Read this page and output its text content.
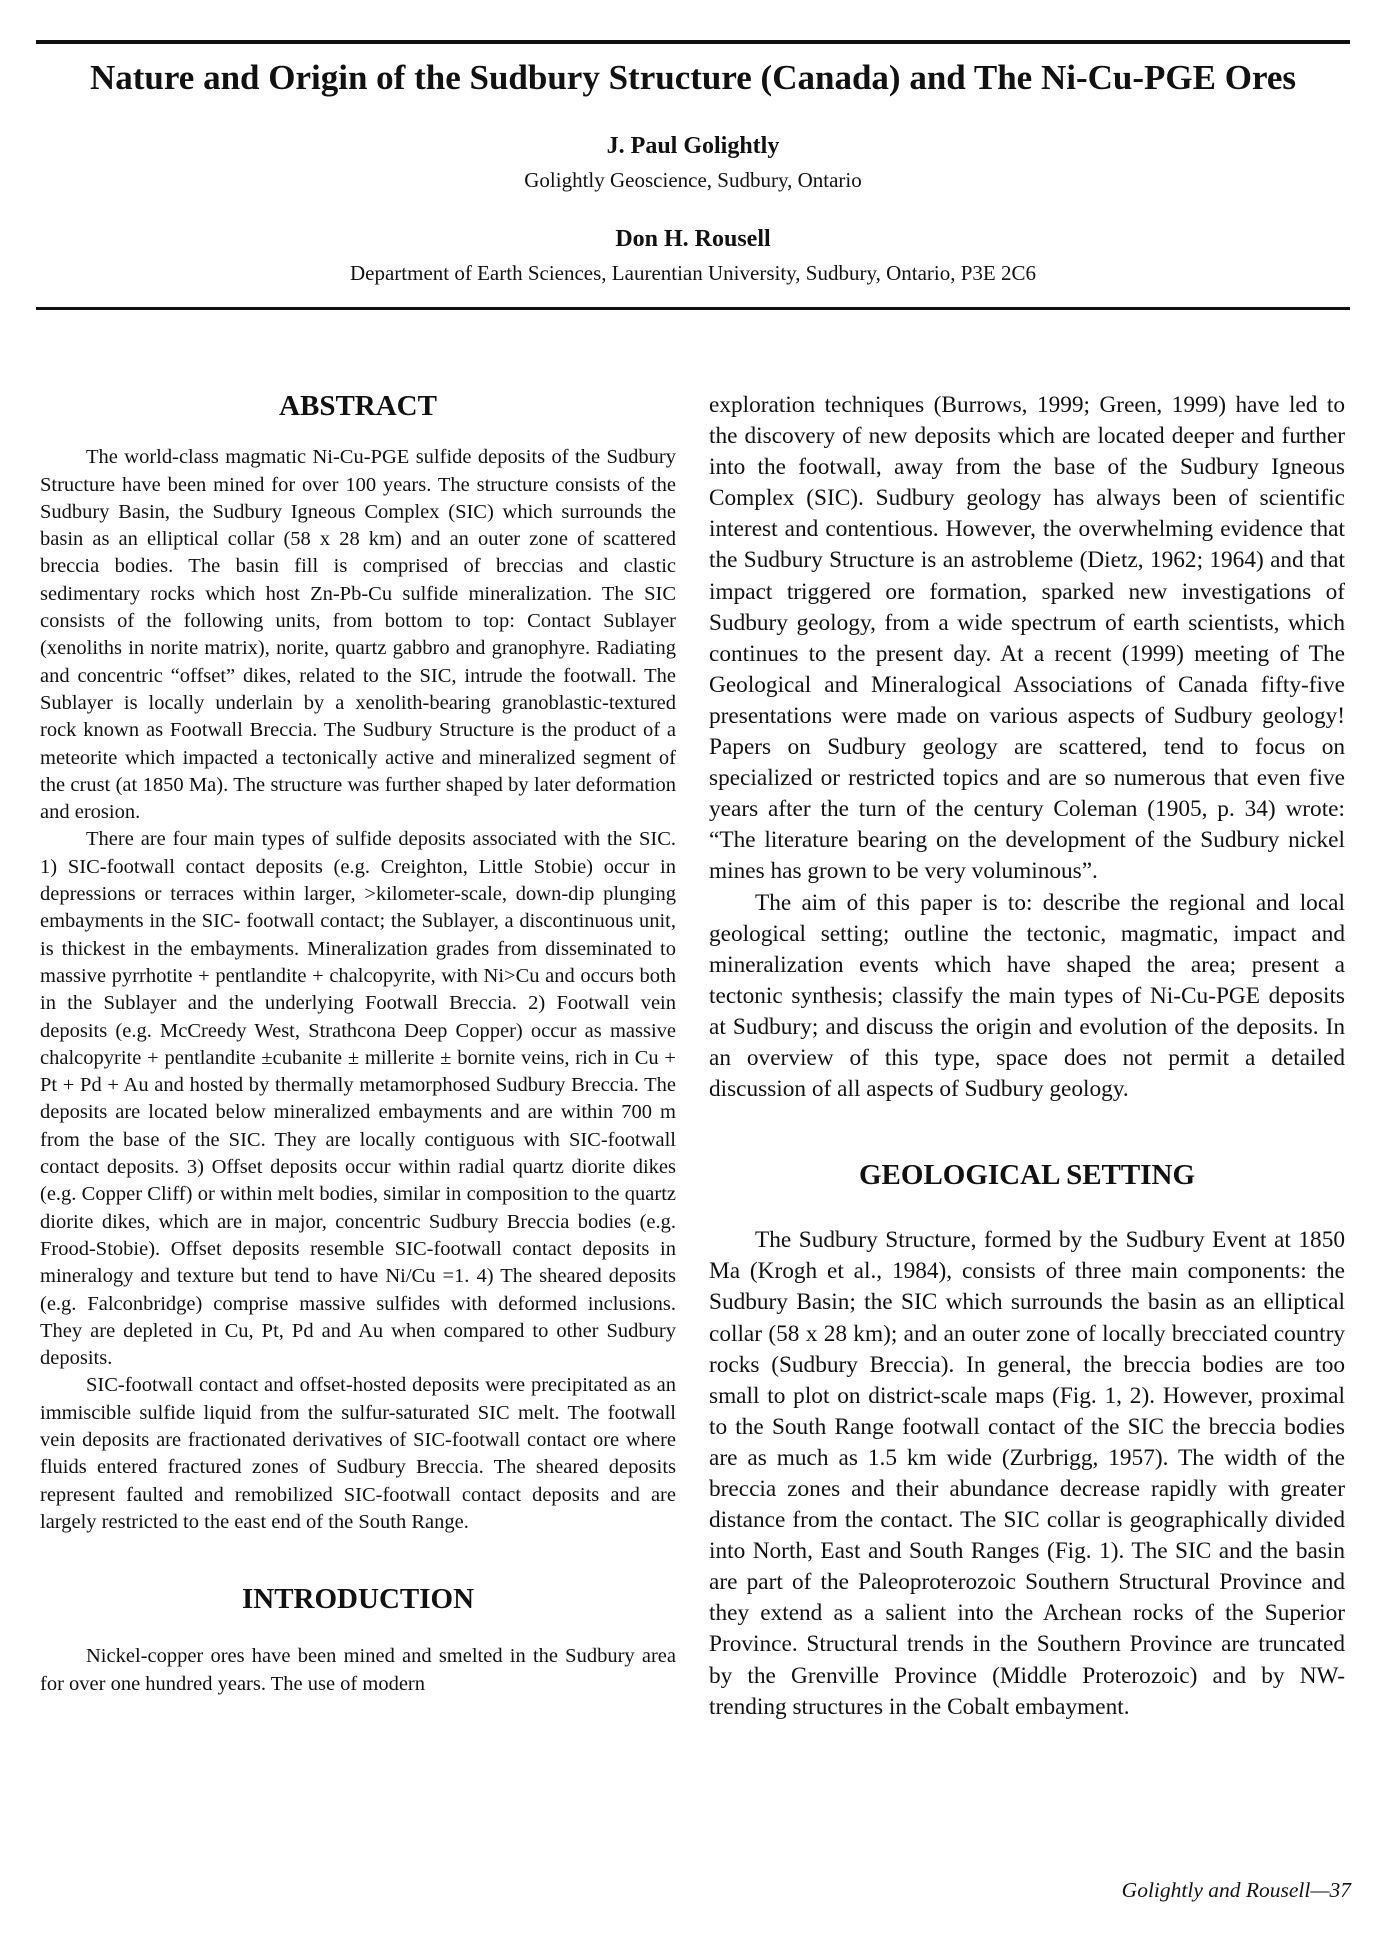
Nature and Origin of the Sudbury Structure (Canada) and The Ni-Cu-PGE Ores
J. Paul Golightly
Golightly Geoscience, Sudbury, Ontario
Don H. Rousell
Department of Earth Sciences, Laurentian University, Sudbury, Ontario, P3E 2C6
ABSTRACT

The world-class magmatic Ni-Cu-PGE sulfide deposits of the Sudbury Structure have been mined for over 100 years. The structure consists of the Sudbury Basin, the Sudbury Igneous Complex (SIC) which surrounds the basin as an elliptical collar (58 x 28 km) and an outer zone of scattered breccia bodies. The basin fill is comprised of breccias and clastic sedimentary rocks which host Zn-Pb-Cu sulfide mineralization. The SIC consists of the following units, from bottom to top: Contact Sublayer (xenoliths in norite matrix), norite, quartz gabbro and granophyre. Radiating and concentric “offset” dikes, related to the SIC, intrude the footwall. The Sublayer is locally underlain by a xenolith-bearing granoblastic-textured rock known as Footwall Breccia. The Sudbury Structure is the product of a meteorite which impacted a tectonically active and mineralized segment of the crust (at 1850 Ma). The structure was further shaped by later deformation and erosion.

There are four main types of sulfide deposits associated with the SIC. 1) SIC-footwall contact deposits (e.g. Creighton, Little Stobie) occur in depressions or terraces within larger, >kilometer-scale, down-dip plunging embayments in the SIC- footwall contact; the Sublayer, a discontinuous unit, is thickest in the embayments. Mineralization grades from disseminated to massive pyrrhotite + pentlandite + chalcopyrite, with Ni>Cu and occurs both in the Sublayer and the underlying Footwall Breccia. 2) Footwall vein deposits (e.g. McCreedy West, Strathcona Deep Copper) occur as massive chalcopyrite + pentlandite ±cubanite ± millerite ± bornite veins, rich in Cu + Pt + Pd + Au and hosted by thermally metamorphosed Sudbury Breccia. The deposits are located below mineralized embayments and are within 700 m from the base of the SIC. They are locally contiguous with SIC-footwall contact deposits. 3) Offset deposits occur within radial quartz diorite dikes (e.g. Copper Cliff) or within melt bodies, similar in composition to the quartz diorite dikes, which are in major, concentric Sudbury Breccia bodies (e.g. Frood-Stobie). Offset deposits resemble SIC-footwall contact deposits in mineralogy and texture but tend to have Ni/Cu =1. 4) The sheared deposits (e.g. Falconbridge) comprise massive sulfides with deformed inclusions. They are depleted in Cu, Pt, Pd and Au when compared to other Sudbury deposits.

SIC-footwall contact and offset-hosted deposits were precipitated as an immiscible sulfide liquid from the sulfur-saturated SIC melt. The footwall vein deposits are fractionated derivatives of SIC-footwall contact ore where fluids entered fractured zones of Sudbury Breccia. The sheared deposits represent faulted and remobilized SIC-footwall contact deposits and are largely restricted to the east end of the South Range.

INTRODUCTION

Nickel-copper ores have been mined and smelted in the Sudbury area for over one hundred years. The use of modern

exploration techniques (Burrows, 1999; Green, 1999) have led to the discovery of new deposits which are located deeper and further into the footwall, away from the base of the Sudbury Igneous Complex (SIC). Sudbury geology has always been of scientific interest and contentious. However, the overwhelming evidence that the Sudbury Structure is an astrobleme (Dietz, 1962; 1964) and that impact triggered ore formation, sparked new investigations of Sudbury geology, from a wide spectrum of earth scientists, which continues to the present day. At a recent (1999) meeting of The Geological and Mineralogical Associations of Canada fifty-five presentations were made on various aspects of Sudbury geology! Papers on Sudbury geology are scattered, tend to focus on specialized or restricted topics and are so numerous that even five years after the turn of the century Coleman (1905, p. 34) wrote: “The literature bearing on the development of the Sudbury nickel mines has grown to be very voluminous”.

The aim of this paper is to: describe the regional and local geological setting; outline the tectonic, magmatic, impact and mineralization events which have shaped the area; present a tectonic synthesis; classify the main types of Ni-Cu-PGE deposits at Sudbury; and discuss the origin and evolution of the deposits. In an overview of this type, space does not permit a detailed discussion of all aspects of Sudbury geology.

GEOLOGICAL SETTING

The Sudbury Structure, formed by the Sudbury Event at 1850 Ma (Krogh et al., 1984), consists of three main components: the Sudbury Basin; the SIC which surrounds the basin as an elliptical collar (58 x 28 km); and an outer zone of locally brecciated country rocks (Sudbury Breccia). In general, the breccia bodies are too small to plot on district-scale maps (Fig. 1, 2). However, proximal to the South Range footwall contact of the SIC the breccia bodies are as much as 1.5 km wide (Zurbrigg, 1957). The width of the breccia zones and their abundance decrease rapidly with greater distance from the contact. The SIC collar is geographically divided into North, East and South Ranges (Fig. 1). The SIC and the basin are part of the Paleoproterozoic Southern Structural Province and they extend as a salient into the Archean rocks of the Superior Province. Structural trends in the Southern Province are truncated by the Grenville Province (Middle Proterozoic) and by NW-trending structures in the Cobalt embayment.

Golightly and Rousell—37
